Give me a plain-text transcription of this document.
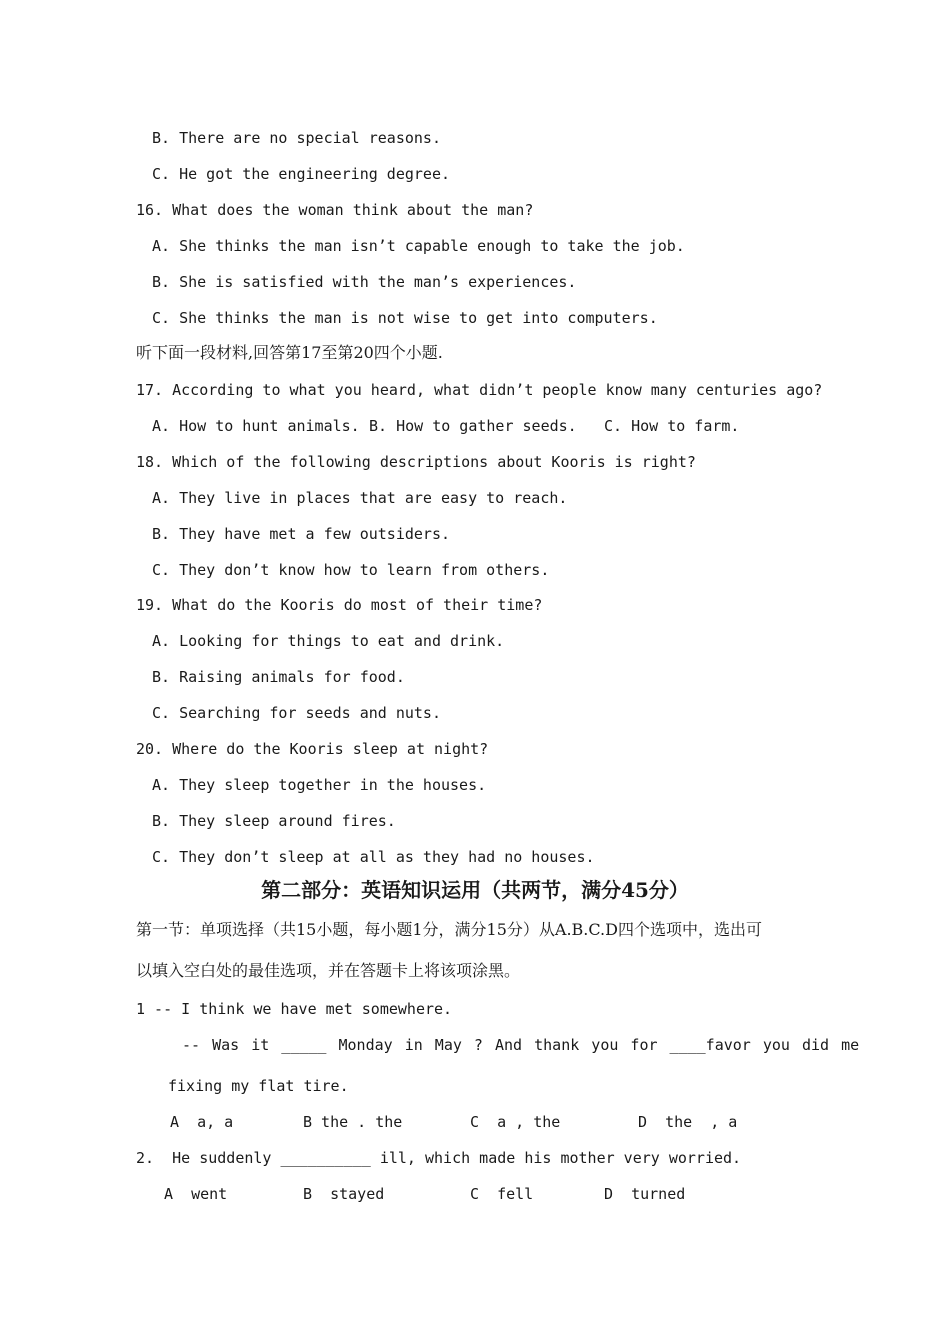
B. There are no special reasons.
C. He got the engineering degree.
16. What does the woman think about the man?
A. She thinks the man isn’t capable enough to take the job.
B. She is satisfied with the man’s experiences.
C. She thinks the man is not wise to get into computers.
听下面一段材料,回答第17至第20四个小题.
17. According to what you heard, what didn’t people know many centuries ago?
A. How to hunt animals. B. How to gather seeds. C. How to farm.
18. Which of the following descriptions about Kooris is right?
A. They live in places that are easy to reach.
B. They have met a few outsiders.
C. They don’t know how to learn from others.
19. What do the Kooris do most of their time?
A. Looking for things to eat and drink.
B. Raising animals for food.
C. Searching for seeds and nuts.
20. Where do the Kooris sleep at night?
A. They sleep together in the houses.
B. They sleep around fires.
C. They don’t sleep at all as they had no houses.
第二部分：英语知识运用（共两节，满分45分）
第一节：单项选择（共15小题，每小题1分，满分15分）从A.B.C.D四个选项中，选出可
以填入空白处的最佳选项，并在答题卡上将该项涂黑。
1 -- I think we have met somewhere.
-- Was it _____ Monday in May ? And thank you for ____favor you did me
fixing my flat tire.
A  a, a	B the . the	C  a , the	D  the  , a
2.  He suddenly __________ ill, which made his mother very worried.
A  went	B  stayed	C  fell	D  turned
